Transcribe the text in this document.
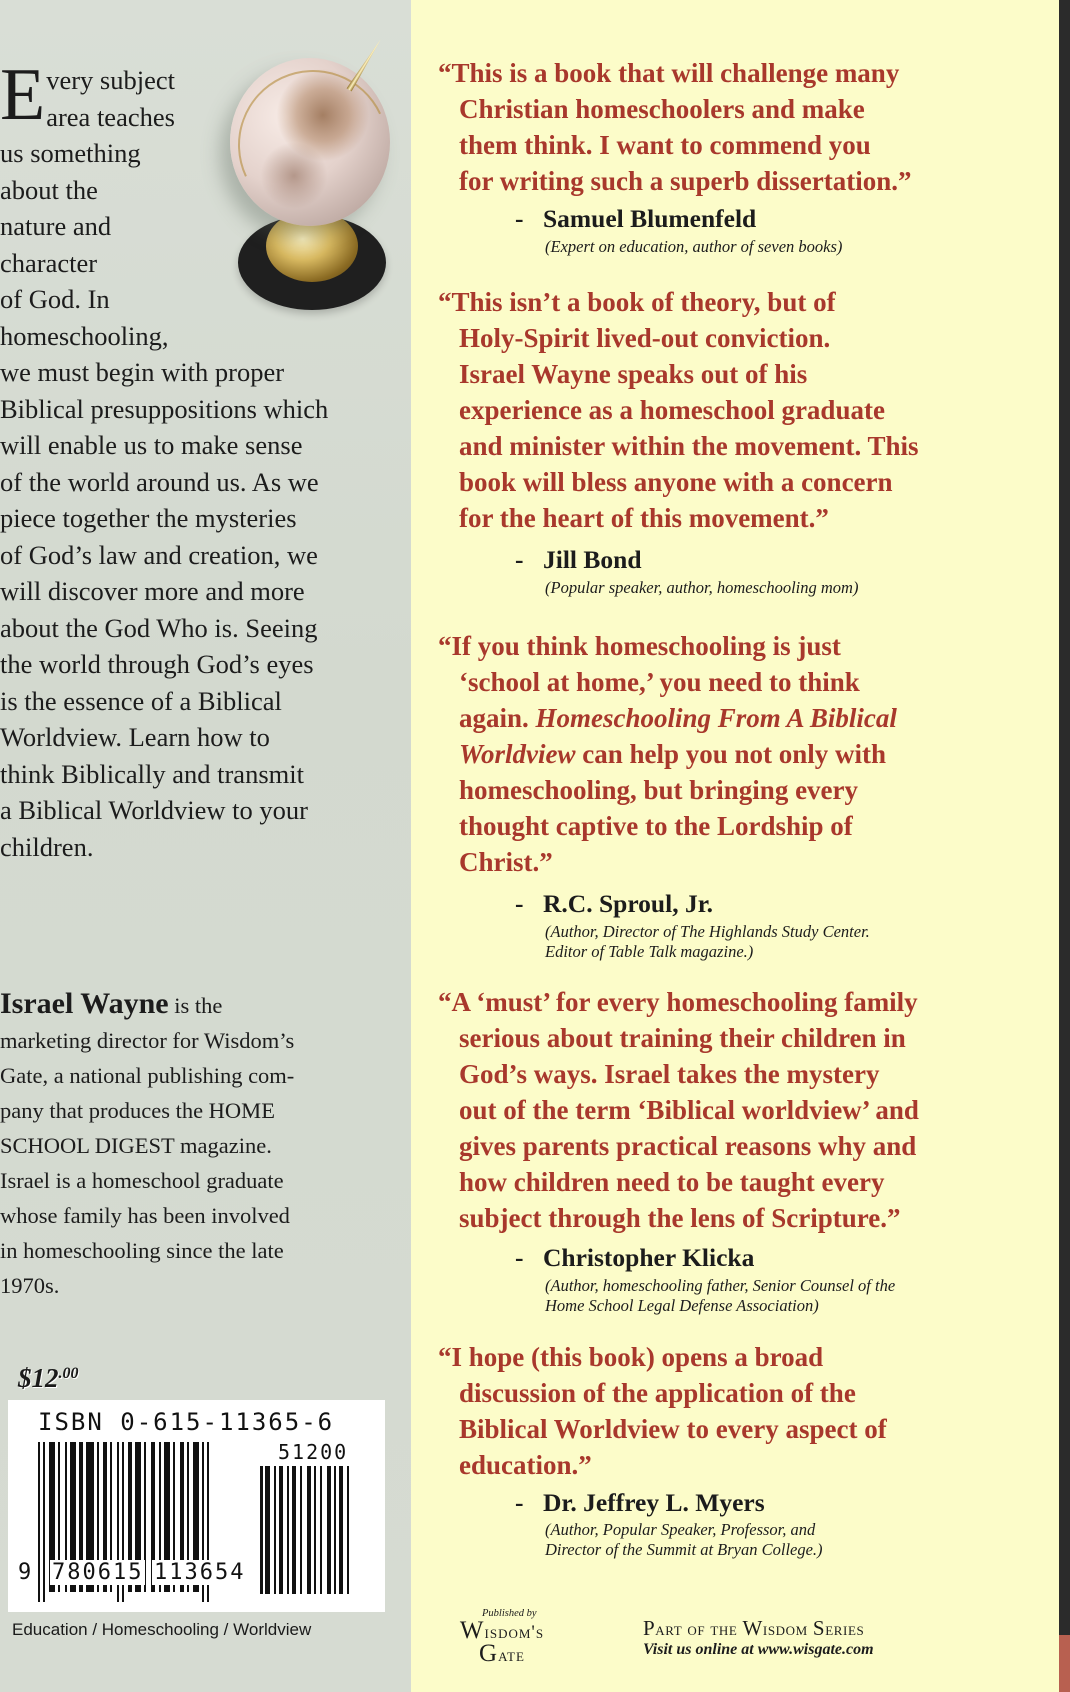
E very subject
area teaches
us something
about the
nature and
character
of God. In
homeschooling,
we must begin with proper
Biblical presuppositions which
will enable us to make sense
of the world around us. As we
piece together the mysteries
of God’s law and creation, we
will discover more and more
about the God Who is. Seeing
the world through God’s eyes
is the essence of a Biblical
Worldview. Learn how to
think Biblically and transmit
a Biblical Worldview to your
children.
Israel Wayne is the
marketing director for Wisdom’s
Gate, a national publishing com-
pany that produces the HOME
SCHOOL DIGEST magazine.
Israel is a homeschool graduate
whose family has been involved
in homeschooling since the late
1970s.
$\$12^{.00}$
ISBN 0-615-11365-6
51200
9 780615 113654
Education / Homeschooling / Worldview
“This is a book that will challenge many
Christian homeschoolers and make
them think. I want to commend you
for writing such a superb dissertation.”
- Samuel Blumenfeld
(Expert on education, author of seven books)
“This isn’t a book of theory, but of
Holy-Spirit lived-out conviction.
Israel Wayne speaks out of his
experience as a homeschool graduate
and minister within the movement. This
book will bless anyone with a concern
for the heart of this movement.”
- Jill Bond
(Popular speaker, author, homeschooling mom)
“If you think homeschooling is just
‘school at home,’ you need to think
again. Homeschooling From A Biblical
Worldview can help you not only with
homeschooling, but bringing every
thought captive to the Lordship of
Christ.”
- R.C. Sproul, Jr.
(Author, Director of The Highlands Study Center.
Editor of Table Talk magazine.)
“A ‘must’ for every homeschooling family
serious about training their children in
God’s ways. Israel takes the mystery
out of the term ‘Biblical worldview’ and
gives parents practical reasons why and
how children need to be taught every
subject through the lens of Scripture.”
- Christopher Klicka
(Author, homeschooling father, Senior Counsel of the
Home School Legal Defense Association)
“I hope (this book) opens a broad
discussion of the application of the
Biblical Worldview to every aspect of
education.”
- Dr. Jeffrey L. Myers
(Author, Popular Speaker, Professor, and
Director of the Summit at Bryan College.)
Published by
Wisdom's
Gate
Part of the Wisdom Series
Visit us online at www.wisgate.com
